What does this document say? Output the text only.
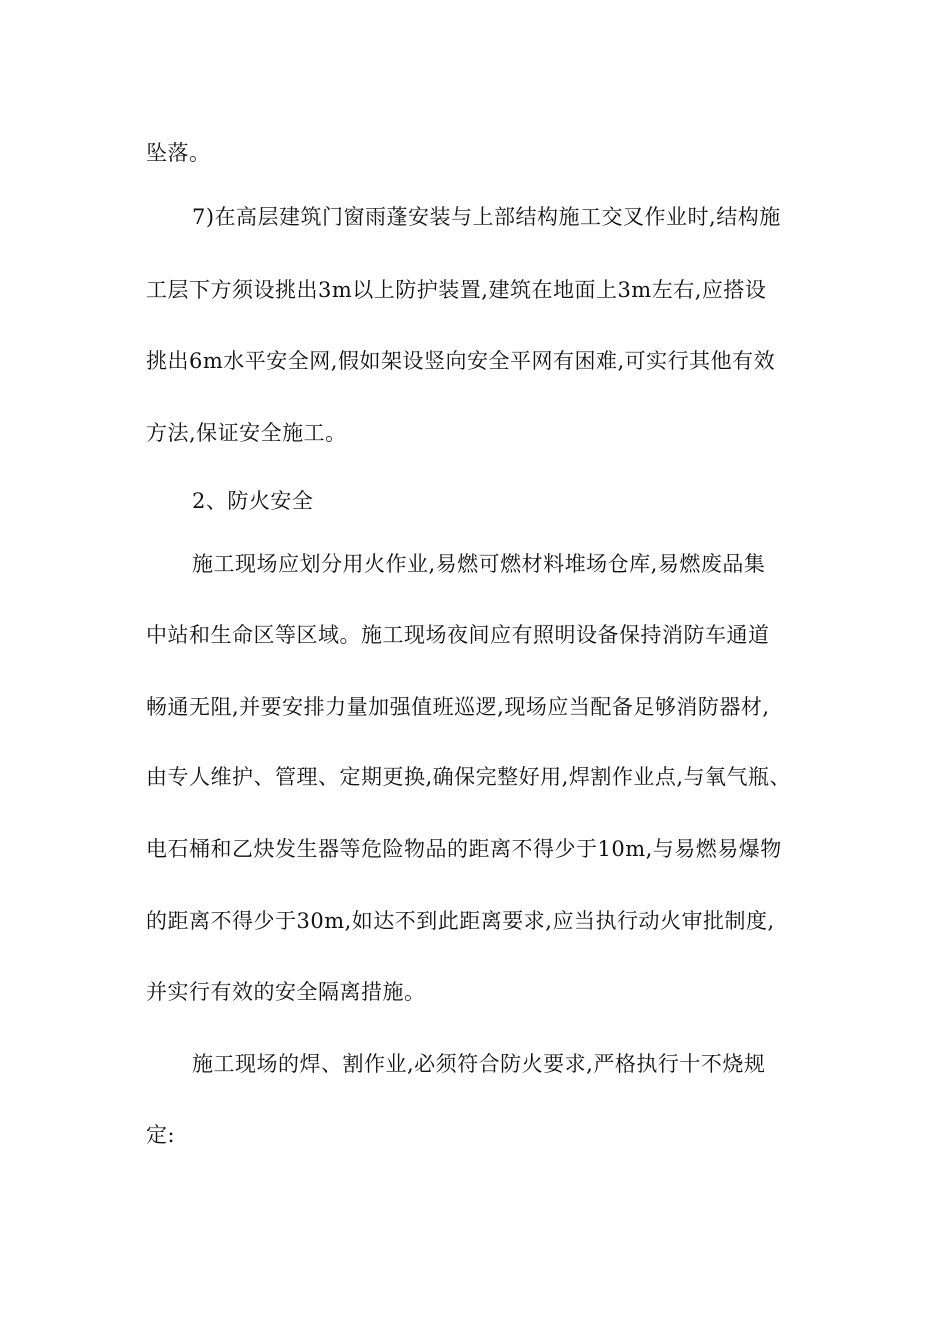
坠落。
7)在高层建筑门窗雨蓬安装与上部结构施工交叉作业时,结构施
工层下方须设挑出3m以上防护装置,建筑在地面上3m左右,应搭设
挑出6m水平安全网,假如架设竖向安全平网有困难,可实行其他有效
方法,保证安全施工。
2、防火安全
施工现场应划分用火作业,易燃可燃材料堆场仓库,易燃废品集
中站和生命区等区域。施工现场夜间应有照明设备保持消防车通道
畅通无阻,并要安排力量加强值班巡逻,现场应当配备足够消防器材,
由专人维护、管理、定期更换,确保完整好用,焊割作业点,与氧气瓶、
电石桶和乙炔发生器等危险物品的距离不得少于10m,与易燃易爆物
的距离不得少于30m,如达不到此距离要求,应当执行动火审批制度,
并实行有效的安全隔离措施。
施工现场的焊、割作业,必须符合防火要求,严格执行十不烧规
定:
